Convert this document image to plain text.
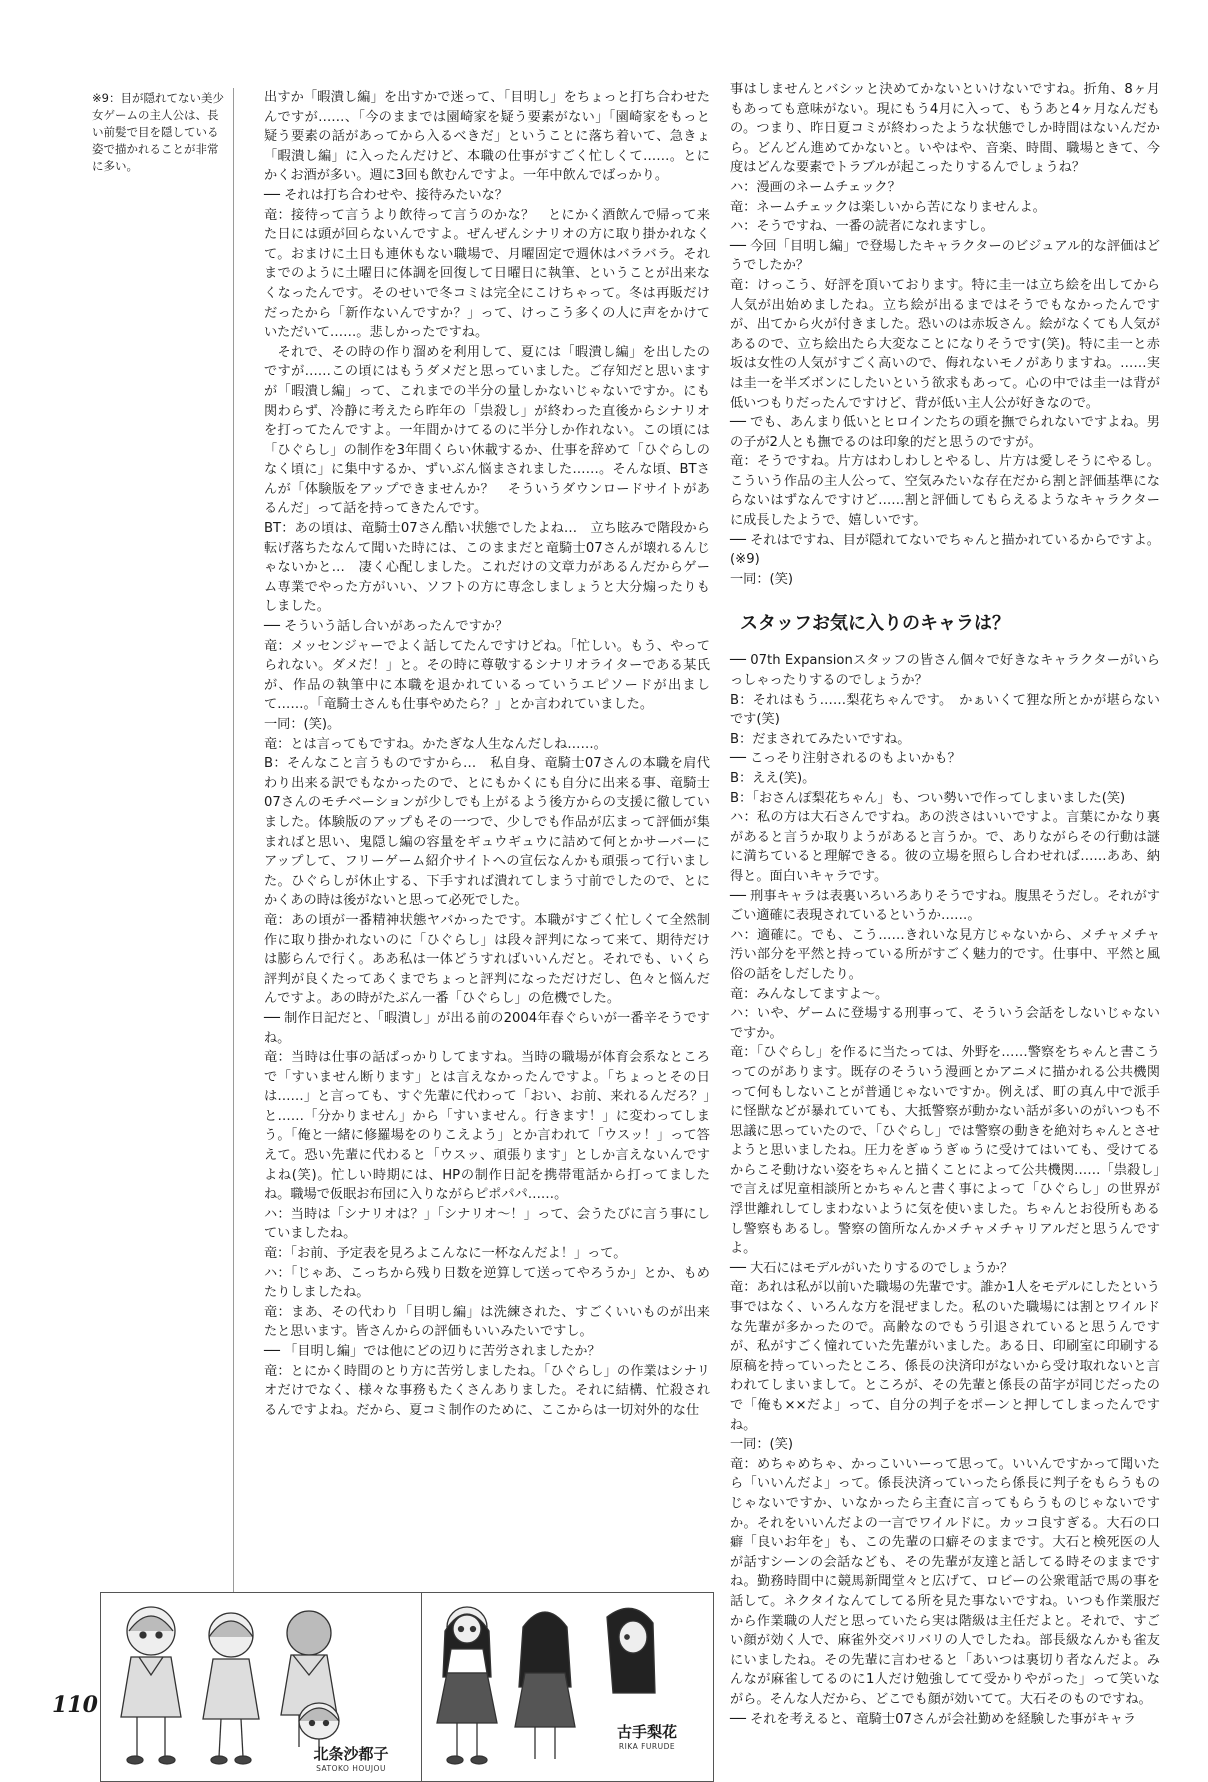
※9：目が隠れてない美少女ゲームの主人公は、長い前髪で目を隠している姿で描かれることが非常に多い。

出すか「暇潰し編」を出すかで迷って、「目明し」をちょっと打ち合わせたんですが……、「今のままでは園崎家を疑う要素がない」「園崎家をもっと疑う要素の話があってから入るべきだ」ということに落ち着いて、急きょ「暇潰し編」に入ったんだけど、本職の仕事がすごく忙しくて……。とにかくお酒が多い。週に3回も飲むんですよ。一年中飲んでばっかり。

── それは打ち合わせや、接待みたいな？

竜：接待って言うより飲待って言うのかな？　とにかく酒飲んで帰って来た日には頭が回らないんですよ。ぜんぜんシナリオの方に取り掛かれなくて。おまけに土日も連休もない職場で、月曜固定で週休はバラバラ。それまでのように土曜日に体調を回復して日曜日に執筆、ということが出来なくなったんです。そのせいで冬コミは完全にこけちゃって。冬は再販だけだったから「新作ないんですか？」って、けっこう多くの人に声をかけていただいて……。悲しかったですね。

　それで、その時の作り溜めを利用して、夏には「暇潰し編」を出したのですが……この頃にはもうダメだと思っていました。ご存知だと思いますが「暇潰し編」って、これまでの半分の量しかないじゃないですか。にも関わらず、冷静に考えたら昨年の「祟殺し」が終わった直後からシナリオを打ってたんですよ。一年間かけてるのに半分しか作れない。この頃には「ひぐらし」の制作を3年間くらい休載するか、仕事を辞めて「ひぐらしのなく頃に」に集中するか、ずいぶん悩まされました……。そんな頃、BTさんが「体験版をアップできませんか？　そういうダウンロードサイトがあるんだ」って話を持ってきたんです。

BT：あの頃は、竜騎士07さん酷い状態でしたよね…　立ち眩みで階段から転げ落ちたなんて聞いた時には、このままだと竜騎士07さんが壊れるんじゃないかと…　凄く心配しました。これだけの文章力があるんだからゲーム専業でやった方がいい、ソフトの方に専念しましょうと大分煽ったりもしました。

── そういう話し合いがあったんですか？

竜：メッセンジャーでよく話してたんですけどね。「忙しい。もう、やってられない。ダメだ！」と。その時に尊敬するシナリオライターである某氏が、作品の執筆中に本職を退かれているっていうエピソードが出まして……。「竜騎士さんも仕事やめたら？」とか言われていました。

一同：(笑)。

竜：とは言ってもですね。かたぎな人生なんだしね……。

B：そんなこと言うものですから…　私自身、竜騎士07さんの本職を肩代わり出来る訳でもなかったので、とにもかくにも自分に出来る事、竜騎士07さんのモチベーションが少しでも上がるよう後方からの支援に徹していました。体験版のアップもその一つで、少しでも作品が広まって評価が集まればと思い、鬼隠し編の容量をギュウギュウに詰めて何とかサーバーにアップして、フリーゲーム紹介サイトへの宣伝なんかも頑張って行いました。ひぐらしが休止する、下手すれば潰れてしまう寸前でしたので、とにかくあの時は後がないと思って必死でした。

竜：あの頃が一番精神状態ヤバかったです。本職がすごく忙しくて全然制作に取り掛かれないのに「ひぐらし」は段々評判になって来て、期待だけは膨らんで行く。ああ私は一体どうすればいいんだと。それでも、いくら評判が良くたってあくまでちょっと評判になっただけだし、色々と悩んだんですよ。あの時がたぶん一番「ひぐらし」の危機でした。

── 制作日記だと、「暇潰し」が出る前の2004年春ぐらいが一番辛そうですね。

竜：当時は仕事の話ばっかりしてますね。当時の職場が体育会系なところで「すいません断ります」とは言えなかったんですよ。「ちょっとその日は……」と言っても、すぐ先輩に代わって「おい、お前、来れるんだろ？」と……「分かりません」から「すいません。行きます！」に変わってしまう。「俺と一緒に修羅場をのりこえよう」とか言われて「ウスッ！」って答えて。恐い先輩に代わると「ウスッ、頑張ります」としか言えないんですよね(笑)。忙しい時期には、HPの制作日記を携帯電話から打ってましたね。職場で仮眠お布団に入りながらピポパパ……。

ハ：当時は「シナリオは？」「シナリオ～！」って、会うたびに言う事にしていましたね。

竜：「お前、予定表を見ろよこんなに一杯なんだよ！」って。

ハ：「じゃあ、こっちから残り日数を逆算して送ってやろうか」とか、もめたりしましたね。

竜：まあ、その代わり「目明し編」は洗練された、すごくいいものが出来たと思います。皆さんからの評価もいいみたいですし。

── 「目明し編」では他にどの辺りに苦労されましたか？

竜：とにかく時間のとり方に苦労しましたね。「ひぐらし」の作業はシナリオだけでなく、様々な事務もたくさんありました。それに結構、忙殺されるんですよね。だから、夏コミ制作のために、ここからは一切対外的な仕

事はしませんとバシッと決めてかないといけないですね。折角、8ヶ月もあっても意味がない。現にもう4月に入って、もうあと4ヶ月なんだもの。つまり、昨日夏コミが終わったような状態でしか時間はないんだから。どんどん進めてかないと。いやはや、音楽、時間、職場ときて、今度はどんな要素でトラブルが起こったりするんでしょうね？

ハ：漫画のネームチェック？

竜：ネームチェックは楽しいから苦になりませんよ。

ハ：そうですね、一番の読者になれますし。

── 今回「目明し編」で登場したキャラクターのビジュアル的な評価はどうでしたか？

竜：けっこう、好評を頂いております。特に圭一は立ち絵を出してから人気が出始めましたね。立ち絵が出るまではそうでもなかったんですが、出てから火が付きました。恐いのは赤坂さん。絵がなくても人気があるので、立ち絵出たら大変なことになりそうです(笑)。特に圭一と赤坂は女性の人気がすごく高いので、侮れないモノがありますね。……実は圭一を半ズボンにしたいという欲求もあって。心の中では圭一は背が低いつもりだったんですけど、背が低い主人公が好きなので。

── でも、あんまり低いとヒロインたちの頭を撫でられないですよね。男の子が2人とも撫でるのは印象的だと思うのですが。

竜：そうですね。片方はわしわしとやるし、片方は愛しそうにやるし。こういう作品の主人公って、空気みたいな存在だから割と評価基準にならないはずなんですけど……割と評価してもらえるようなキャラクターに成長したようで、嬉しいです。

── それはですね、目が隠れてないでちゃんと描かれているからですよ。(※9)

一同：(笑)

スタッフお気に入りのキャラは？

── 07th Expansionスタッフの皆さん個々で好きなキャラクターがいらっしゃったりするのでしょうか？

B：それはもう……梨花ちゃんです。　かぁいくて狸な所とかが堪らないです(笑)

B：だまされてみたいですね。

── こっそり注射されるのもよいかも？

B：ええ(笑)。

B：「おさんぽ梨花ちゃん」も、つい勢いで作ってしまいました(笑)

ハ：私の方は大石さんですね。あの渋さはいいですよ。言葉にかなり裏があると言うか取りようがあると言うか。で、ありながらその行動は謎に満ちていると理解できる。彼の立場を照らし合わせれば……ああ、納得と。面白いキャラです。

── 刑事キャラは表裏いろいろありそうですね。腹黒そうだし。それがすごい適確に表現されているというか……。

ハ：適確に。でも、こう……きれいな見方じゃないから、メチャメチャ汚い部分を平然と持っている所がすごく魅力的です。仕事中、平然と風俗の話をしだしたり。

竜：みんなしてますよ～。

ハ：いや、ゲームに登場する刑事って、そういう会話をしないじゃないですか。

竜：「ひぐらし」を作るに当たっては、外野を……警察をちゃんと書こうってのがあります。既存のそういう漫画とかアニメに描かれる公共機関って何もしないことが普通じゃないですか。例えば、町の真ん中で派手に怪獣などが暴れていても、大抵警察が動かない話が多いのがいつも不思議に思っていたので、「ひぐらし」では警察の動きを絶対ちゃんとさせようと思いましたね。圧力をぎゅうぎゅうに受けてはいても、受けてるからこそ動けない姿をちゃんと描くことによって公共機関……「祟殺し」で言えば児童相談所とかちゃんと書く事によって「ひぐらし」の世界が浮世離れしてしまわないように気を使いました。ちゃんとお役所もあるし警察もあるし。警察の箇所なんかメチャメチャリアルだと思うんですよ。

── 大石にはモデルがいたりするのでしょうか？

竜：あれは私が以前いた職場の先輩です。誰か1人をモデルにしたという事ではなく、いろんな方を混ぜました。私のいた職場には割とワイルドな先輩が多かったので。高齢なのでもう引退されていると思うんですが、私がすごく憧れていた先輩がいました。ある日、印刷室に印刷する原稿を持っていったところ、係長の決済印がないから受け取れないと言われてしまいまして。ところが、その先輩と係長の苗字が同じだったので「俺も××だよ」って、自分の判子をポーンと押してしまったんですね。

一同：(笑)

竜：めちゃめちゃ、かっこいいーって思って。いいんですかって聞いたら「いいんだよ」って。係長決済っていったら係長に判子をもらうものじゃないですか、いなかったら主査に言ってもらうものじゃないですか。それをいいんだよの一言でワイルドに。カッコ良すぎる。大石の口癖「良いお年を」も、この先輩の口癖そのままです。大石と検死医の人が話すシーンの会話なども、その先輩が友達と話してる時そのままですね。勤務時間中に競馬新聞堂々と広げて、ロビーの公衆電話で馬の事を話して。ネクタイなんてしてる所を見た事ないですね。いつも作業服だから作業職の人だと思っていたら実は階級は主任だよと。それで、すごい顔が効く人で、麻雀外交バリバリの人でしたね。部長級なんかも雀友にいましたね。その先輩に言わせると「あいつは裏切り者なんだよ。みんなが麻雀してるのに1人だけ勉強してて受かりやがった」って笑いながら。そんな人だから、どこでも顔が効いてて。大石そのものですね。

── それを考えると、竜騎士07さんが会社勤めを経験した事がキャラ

北条沙都子
SATOKO HOUJOU
古手梨花
RIKA FURUDE
110
